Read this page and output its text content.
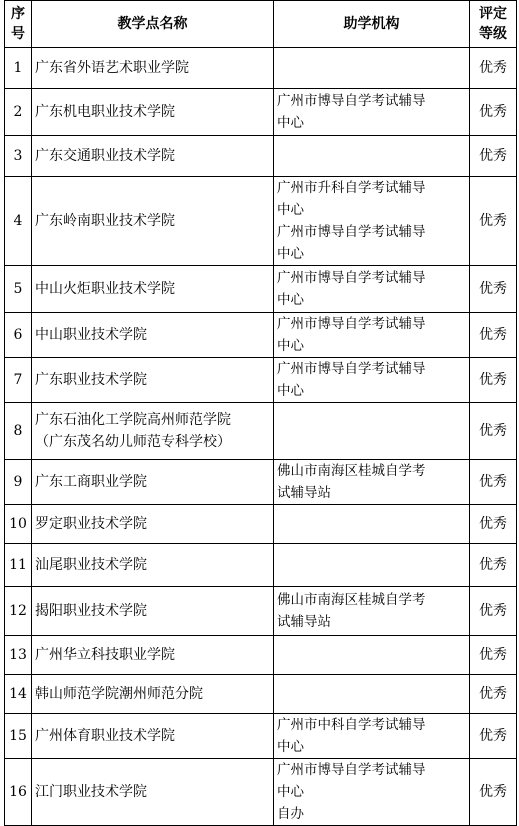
序
号	教学点名称	助学机构	评定
等级

1	广东省外语艺术职业学院		优秀
2	广东机电职业技术学院	广州市博导自学考试辅导
中心	优秀
3	广东交通职业技术学院		优秀
4	广东岭南职业技术学院	广州市升科自学考试辅导
中心
广州市博导自学考试辅导
中心	优秀
5	中山火炬职业技术学院	广州市博导自学考试辅导
中心	优秀
6	中山职业技术学院	广州市博导自学考试辅导
中心	优秀
7	广东职业技术学院	广州市博导自学考试辅导
中心	优秀
8	广东石油化工学院高州师范学院
（广东茂名幼儿师范专科学校）		优秀
9	广东工商职业学院	佛山市南海区桂城自学考
试辅导站	优秀
10	罗定职业技术学院		优秀
11	汕尾职业技术学院		优秀
12	揭阳职业技术学院	佛山市南海区桂城自学考
试辅导站	优秀
13	广州华立科技职业学院		优秀
14	韩山师范学院潮州师范分院		优秀
15	广州体育职业技术学院	广州市中科自学考试辅导
中心	优秀
16	江门职业技术学院	广州市博导自学考试辅导
中心
自办	优秀
